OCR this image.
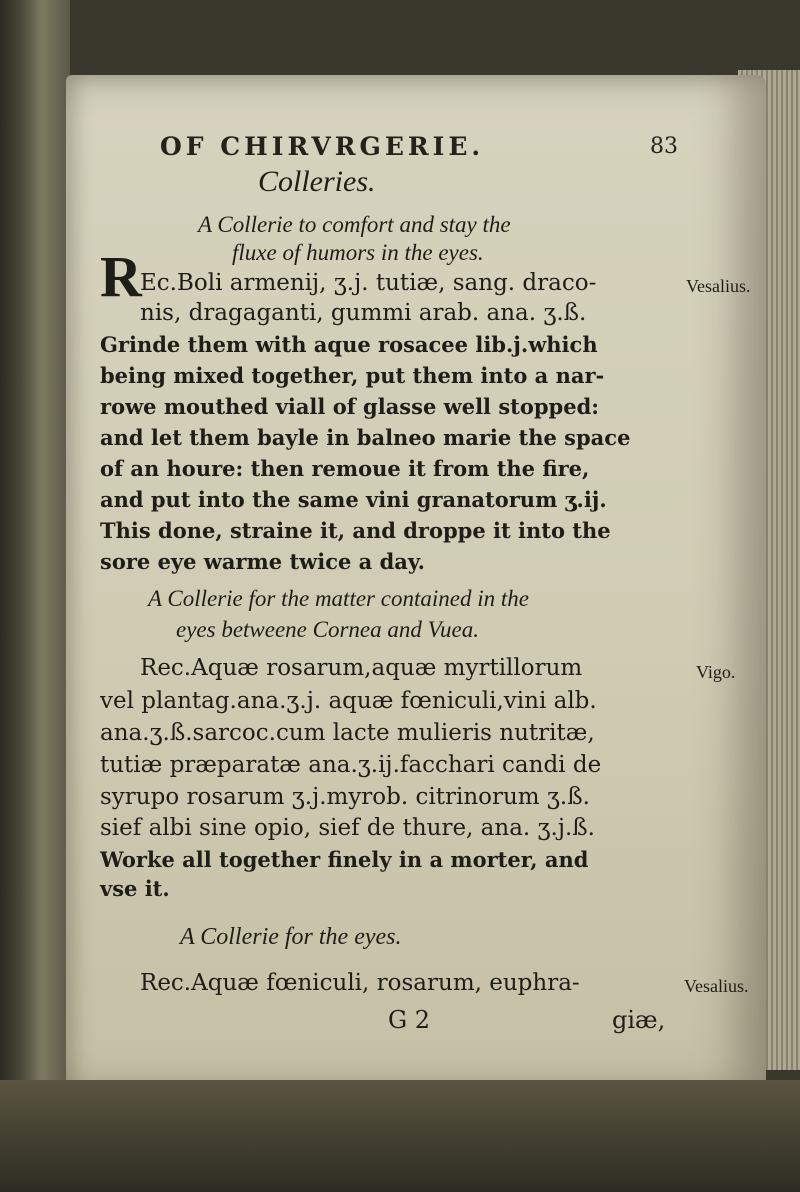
OF CHIRVRGERIE.	83
Colleries.
A Collerie to comfort and stay the
fluxe of humors in the eyes.
R	Vesalius.
Ec.Boli armenij, ʒ.j. tutiæ, sang. draco-
nis, dragaganti, gummi arab. ana. ʒ.ß.
Grinde them with aque rosacee lib.j.which
being mixed together, put them into a nar-
rowe mouthed viall of glasse well stopped:
and let them bayle in balneo marie the space
of an houre: then remoue it from the fire,
and put into the same vini granatorum ʒ.ij.
This done, straine it, and droppe it into the
sore eye warme twice a day.
A Collerie for the matter contained in the
eyes betweene Cornea and Vuea.
Vigo.
Rec.Aquæ rosarum,aquæ myrtillorum
vel plantag.ana.ʒ.j. aquæ fœniculi,vini alb.
ana.ʒ.ß.sarcoc.cum lacte mulieris nutritæ,
tutiæ præparatæ ana.ʒ.ij.facchari candi de
syrupo rosarum ʒ.j.myrob. citrinorum ʒ.ß.
sief albi sine opio, sief de thure, ana. ʒ.j.ß.
Worke all together finely in a morter, and
vse it.
A Collerie for the eyes.
Vesalius.
Rec.Aquæ fœniculi, rosarum, euphra-
G 2	giæ,
